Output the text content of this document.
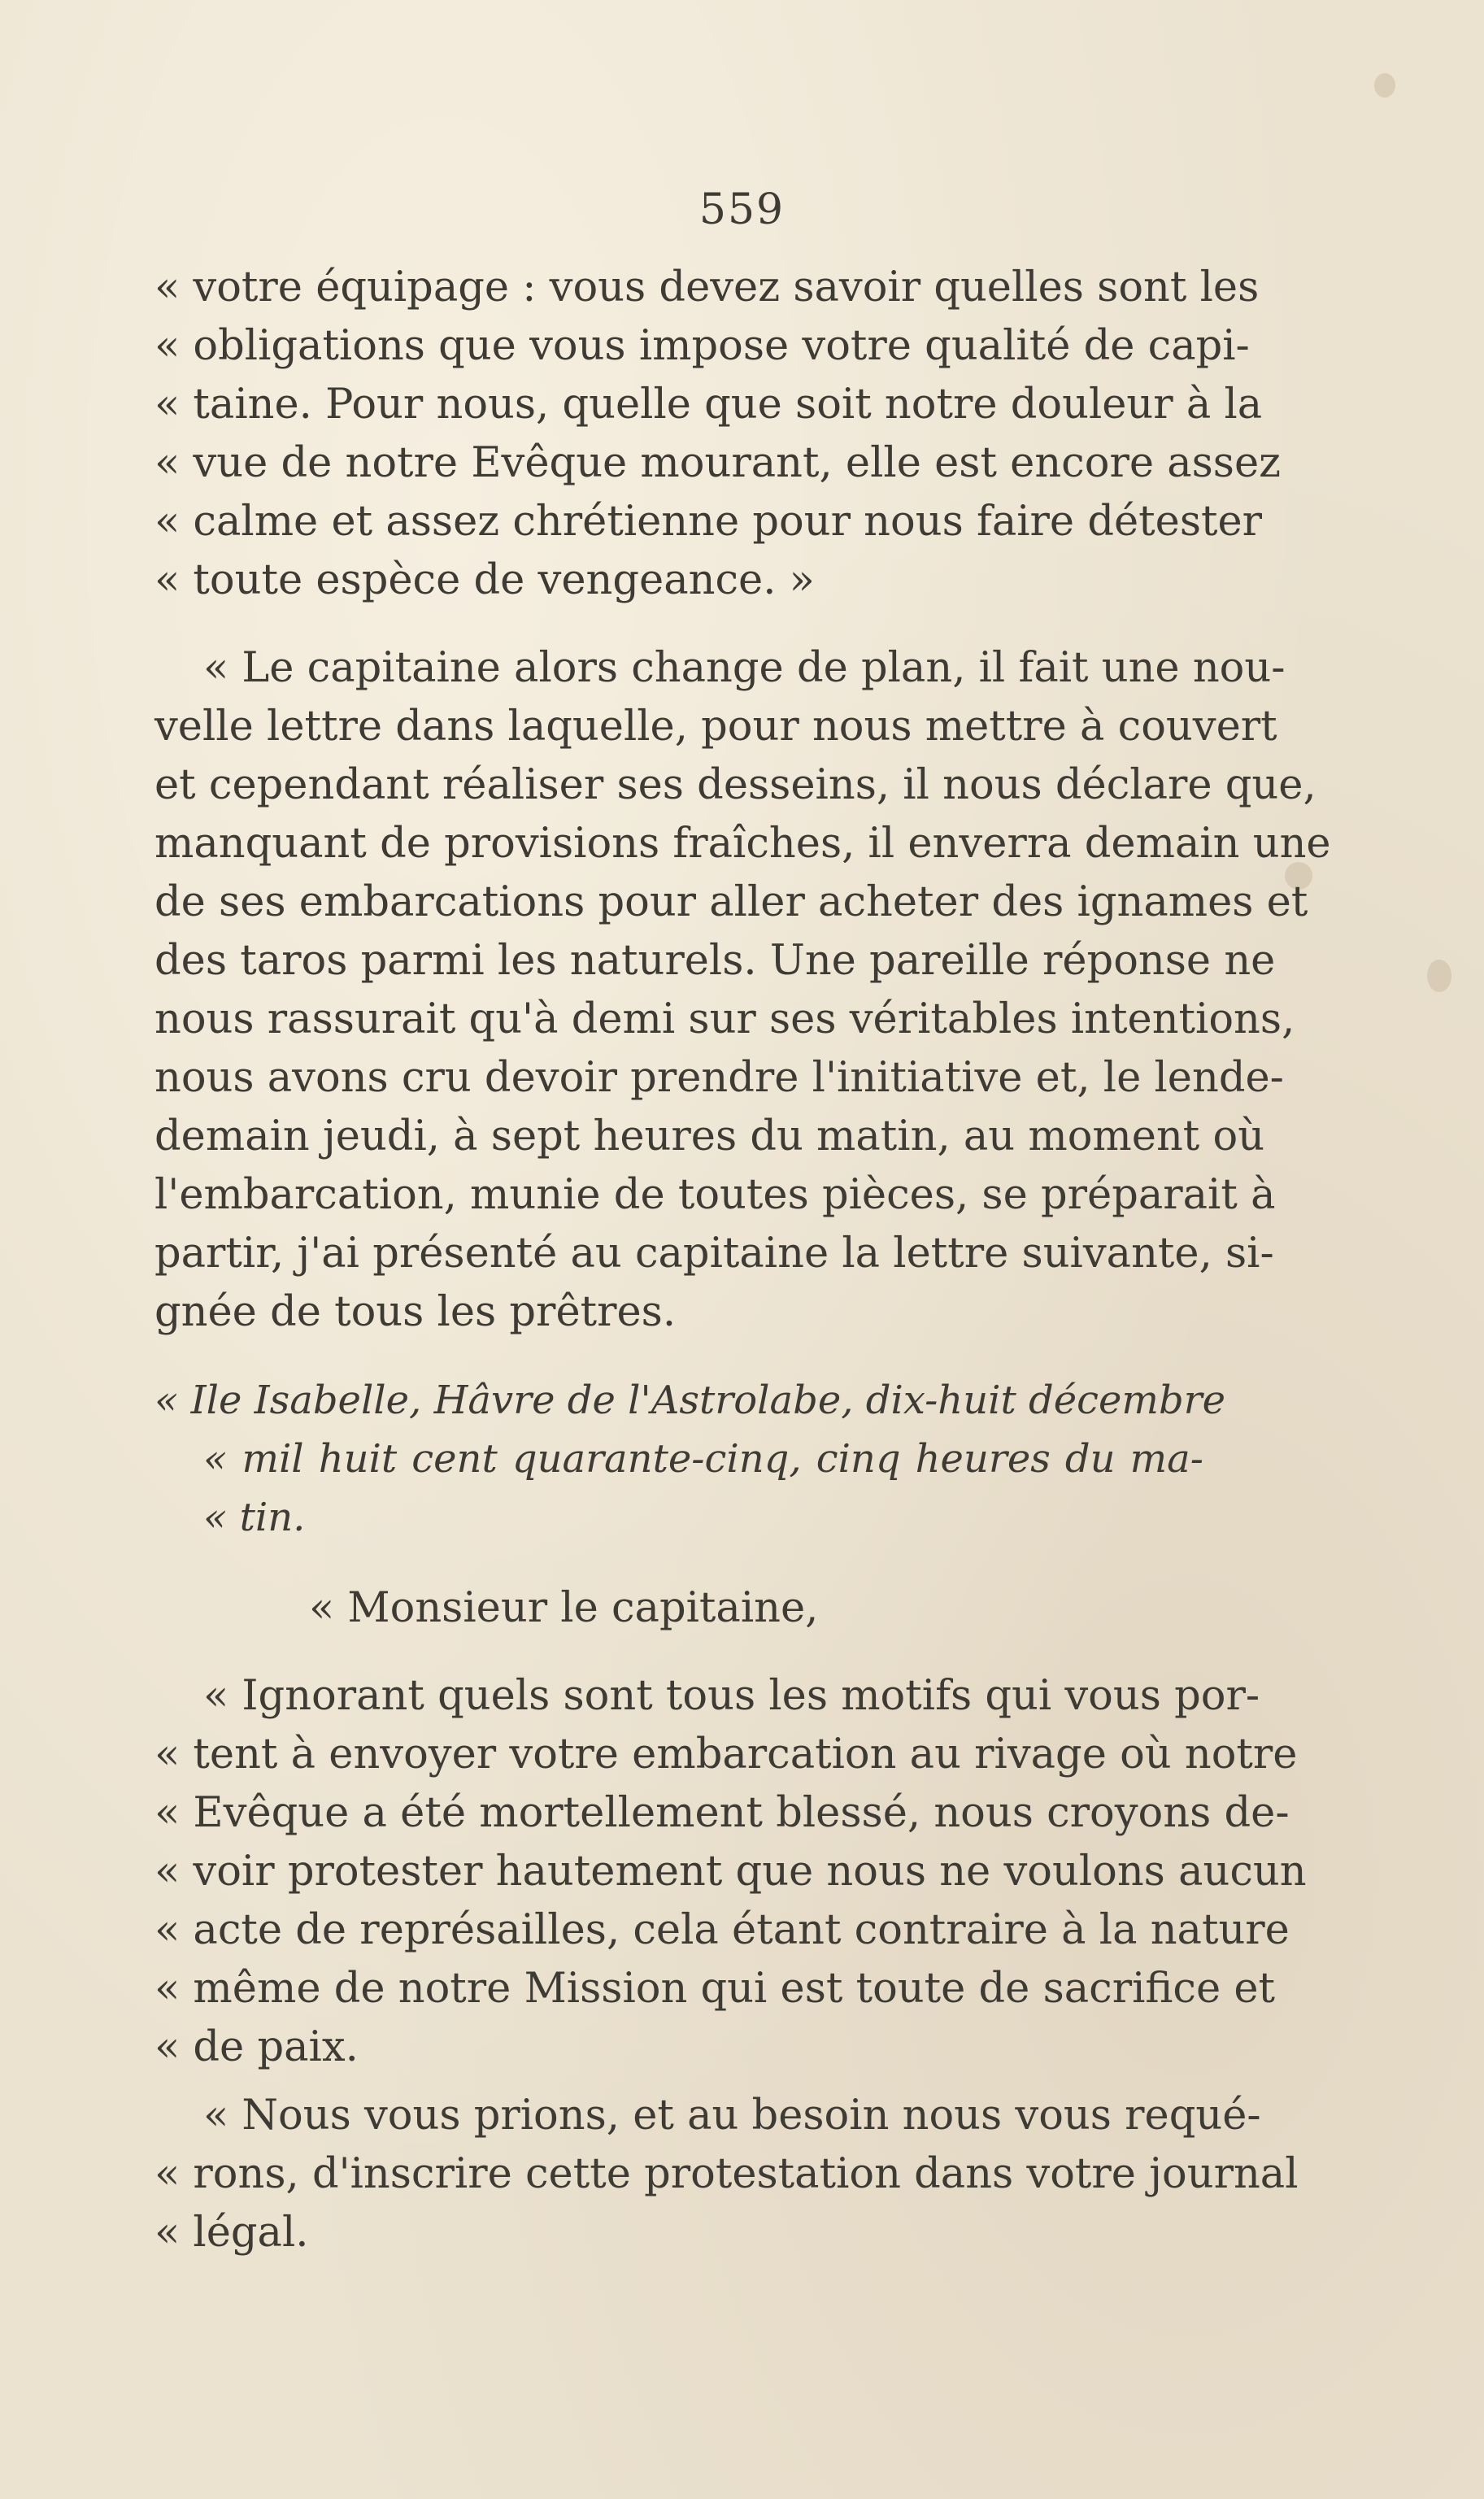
559
« votre équipage : vous devez savoir quelles sont les
« obligations que vous impose votre qualité de capi-
« taine. Pour nous, quelle que soit notre douleur à la
« vue de notre Evêque mourant, elle est encore assez
« calme et assez chrétienne pour nous faire détester
« toute espèce de vengeance. »
« Le capitaine alors change de plan, il fait une nou-
velle lettre dans laquelle, pour nous mettre à couvert
et cependant réaliser ses desseins, il nous déclare que,
manquant de provisions fraîches, il enverra demain une
de ses embarcations pour aller acheter des ignames et
des taros parmi les naturels. Une pareille réponse ne
nous rassurait qu'à demi sur ses véritables intentions,
nous avons cru devoir prendre l'initiative et, le lende-
demain jeudi, à sept heures du matin, au moment où
l'embarcation, munie de toutes pièces, se préparait à
partir, j'ai présenté au capitaine la lettre suivante, si-
gnée de tous les prêtres.
« Ile Isabelle, Hâvre de l'Astrolabe, dix-huit décembre
« mil huit cent quarante-cinq, cinq heures du ma-
« tin.
« Monsieur le capitaine,
« Ignorant quels sont tous les motifs qui vous por-
« tent à envoyer votre embarcation au rivage où notre
« Evêque a été mortellement blessé, nous croyons de-
« voir protester hautement que nous ne voulons aucun
« acte de représailles, cela étant contraire à la nature
« même de notre Mission qui est toute de sacrifice et
« de paix.
« Nous vous prions, et au besoin nous vous requé-
« rons, d'inscrire cette protestation dans votre journal
« légal.
